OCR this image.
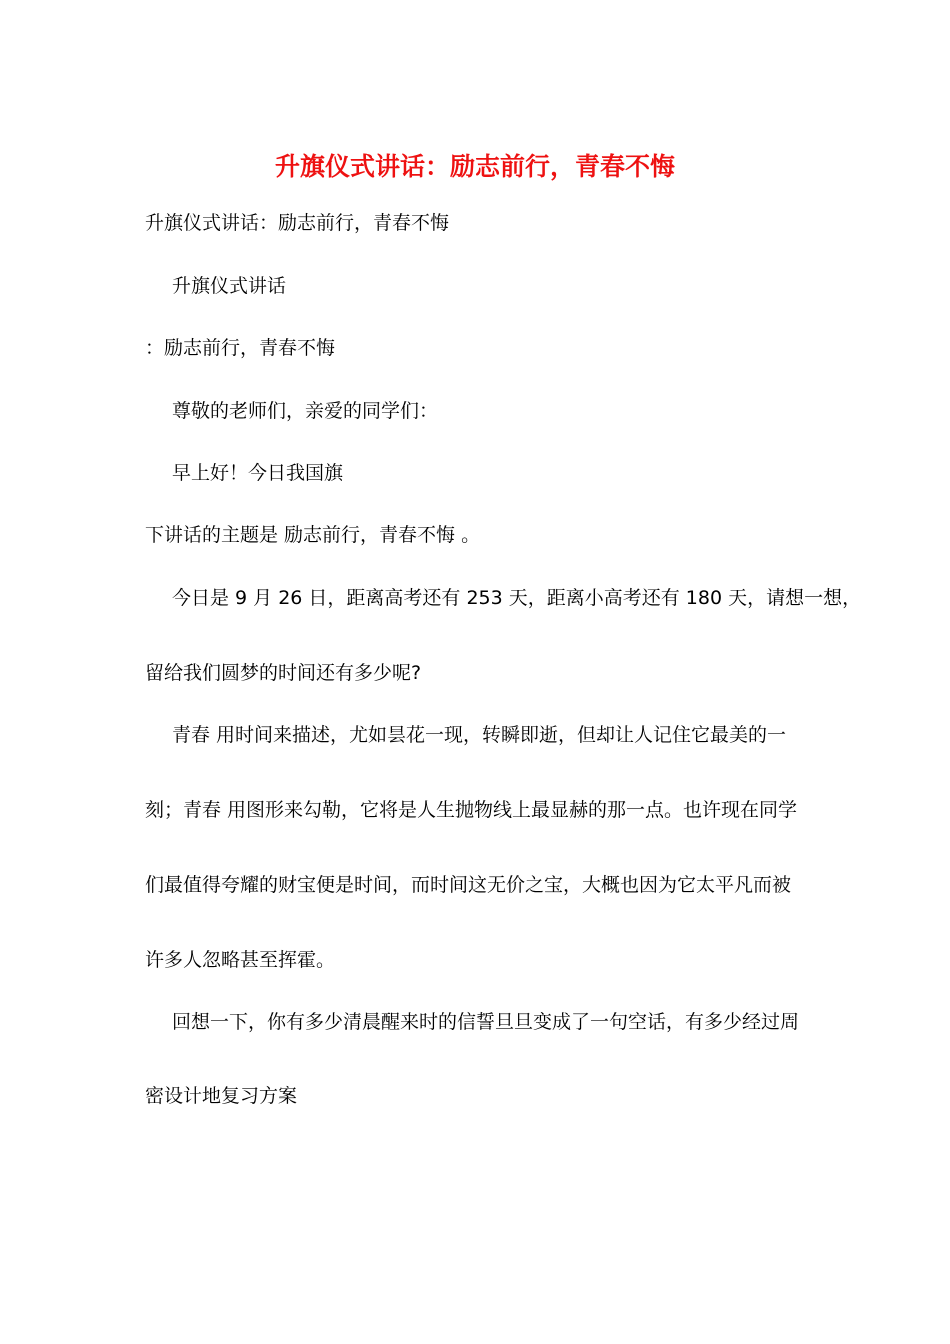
升旗仪式讲话：励志前行，青春不悔
升旗仪式讲话：励志前行，青春不悔
升旗仪式讲话
：励志前行，青春不悔
尊敬的老师们，亲爱的同学们：
早上好！今日我国旗
下讲话的主题是 励志前行，青春不悔 。
今日是 9 月 26 日，距离高考还有 253 天，距离小高考还有 180 天，请想一想，
留给我们圆梦的时间还有多少呢?
青春 用时间来描述，尤如昙花一现，转瞬即逝，但却让人记住它最美的一
刻；青春 用图形来勾勒，它将是人生抛物线上最显赫的那一点。也许现在同学
们最值得夸耀的财宝便是时间，而时间这无价之宝，大概也因为它太平凡而被
许多人忽略甚至挥霍。
回想一下，你有多少清晨醒来时的信誓旦旦变成了一句空话，有多少经过周
密设计地复习方案
